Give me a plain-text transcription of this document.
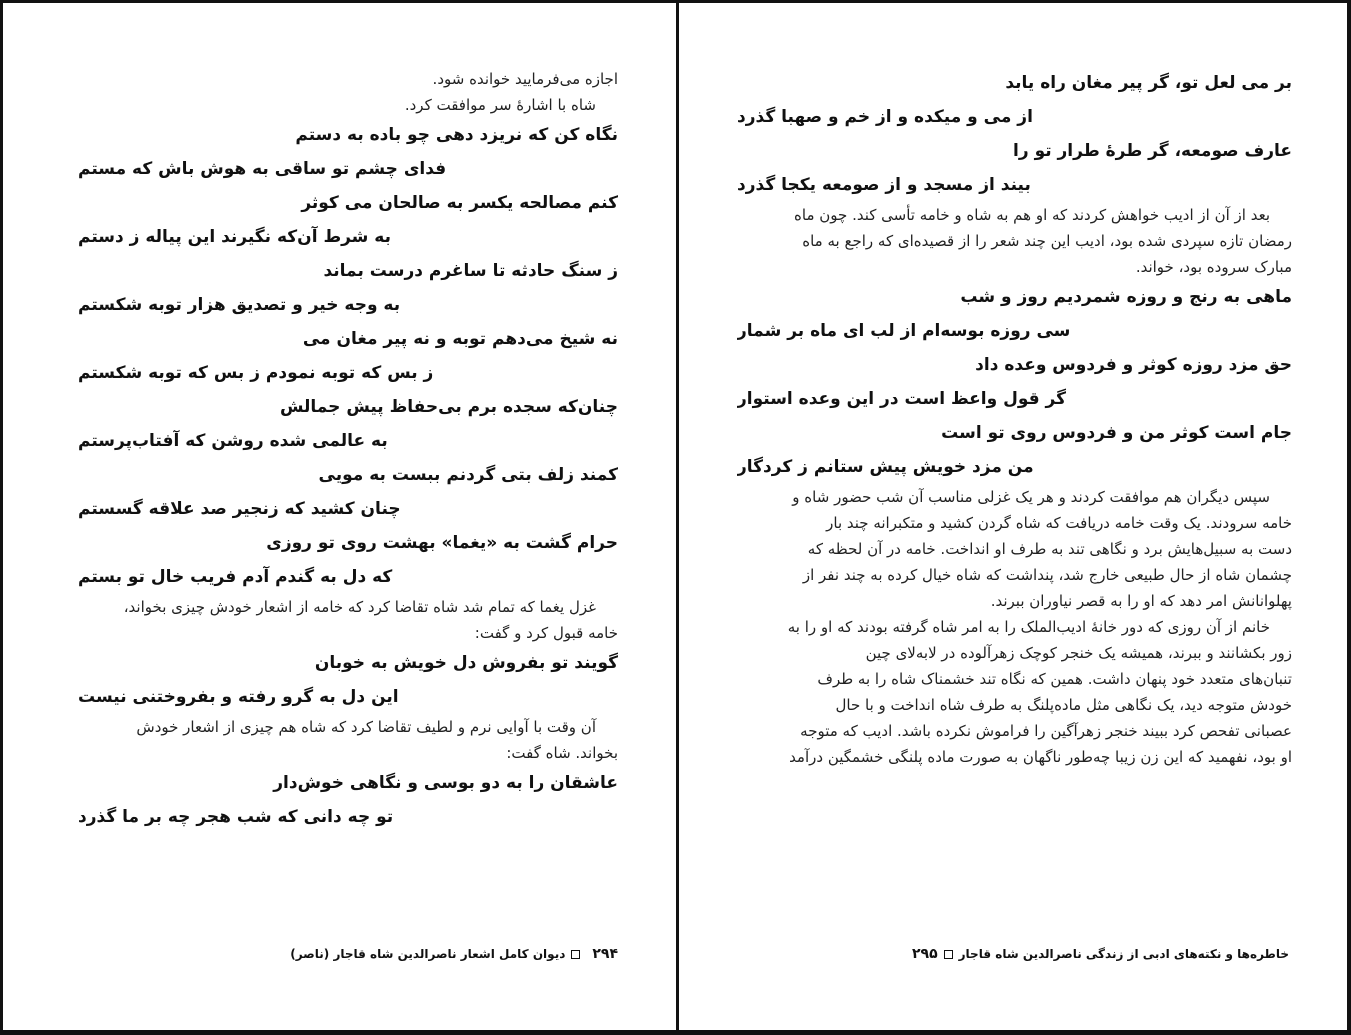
اجازه می‌فرمایید خوانده شود.
شاه با اشارهٔ سر موافقت کرد.
نگاه کن که نریزد دهی چو باده به دستم
فدای چشم تو ساقی به هوش باش که مستم
کنم مصالحه یکسر به صالحان می کوثر
به شرط آن‌که نگیرند این پیاله ز دستم
ز سنگ حادثه تا ساغرم درست بماند
به وجه خیر و تصدیق هزار توبه شکستم
نه شیخ می‌دهم توبه و نه پیر مغان می
ز بس که توبه نمودم ز بس که توبه شکستم
چنان‌که سجده برم بی‌حفاظ پیش جمالش
به عالمی شده روشن که آفتاب‌پرستم
کمند زلف بتی گردنم ببست به مویی
چنان کشید که زنجیر صد علاقه گسستم
حرام گشت به «یغما» بهشت روی تو روزی
که دل به گندم آدم فریب خال تو بستم
غزل یغما که تمام شد شاه تقاضا کرد که خامه از اشعار خودش چیزی بخواند،
خامه قبول کرد و گفت:
گویند تو بفروش دل خویش به خوبان
این دل به گرو رفته و بفروختنی نیست
آن وقت با آوایی نرم و لطیف تقاضا کرد که شاه هم چیزی از اشعار خودش
بخواند. شاه گفت:
عاشقان را به دو بوسی و نگاهی خوش‌دار
تو چه دانی که شب هجر چه بر ما گذرد
۲۹۴دیوان کامل اشعار ناصرالدین شاه قاجار (ناصر)
بر می لعل تو، گر پیر مغان راه یابد
از می و میکده و از خم و صهبا گذرد
عارف صومعه، گر طرهٔ طرار تو را
بیند از مسجد و از صومعه یکجا گذرد
بعد از آن از ادیب خواهش کردند که او هم به شاه و خامه تأسی کند. چون ماه
رمضان تازه سپردی شده بود، ادیب این چند شعر را از قصیده‌ای که راجع به ماه
مبارک سروده بود، خواند.
ماهی به رنج و روزه شمردیم روز و شب
سی روزه بوسه‌ام از لب ای ماه بر شمار
حق مزد روزه کوثر و فردوس وعده داد
گر قول واعظ است در این وعده استوار
جام است کوثر من و فردوس روی تو است
من مزد خویش پیش ستانم ز کردگار
سپس دیگران هم موافقت کردند و هر یک غزلی مناسب آن شب حضور شاه و
خامه سرودند. یک وقت خامه دریافت که شاه گردن کشید و متکبرانه چند بار
دست به سبیل‌هایش برد و نگاهی تند به طرف او انداخت. خامه در آن لحظه که
چشمان شاه از حال طبیعی خارج شد، پنداشت که شاه خیال کرده به چند نفر از
پهلوانانش امر دهد که او را به قصر نیاوران ببرند.
خانم از آن روزی که دور خانهٔ ادیب‌الملک را به امر شاه گرفته بودند که او را به
زور بکشانند و ببرند، همیشه یک خنجر کوچک زهرآلوده در لابه‌لای چین
تنبان‌های متعدد خود پنهان داشت. همین که نگاه تند خشمناک شاه را به طرف
خودش متوجه دید، یک نگاهی مثل ماده‌پلنگ به طرف شاه انداخت و با حال
عصبانی تفحص کرد ببیند خنجر زهرآگین را فراموش نکرده باشد. ادیب که متوجه
او بود، نفهمید که این زن زیبا چه‌طور ناگهان به صورت ماده پلنگی خشمگین درآمد
خاطره‌ها و نکته‌های ادبی از زندگی ناصرالدین شاه قاجار۲۹۵
